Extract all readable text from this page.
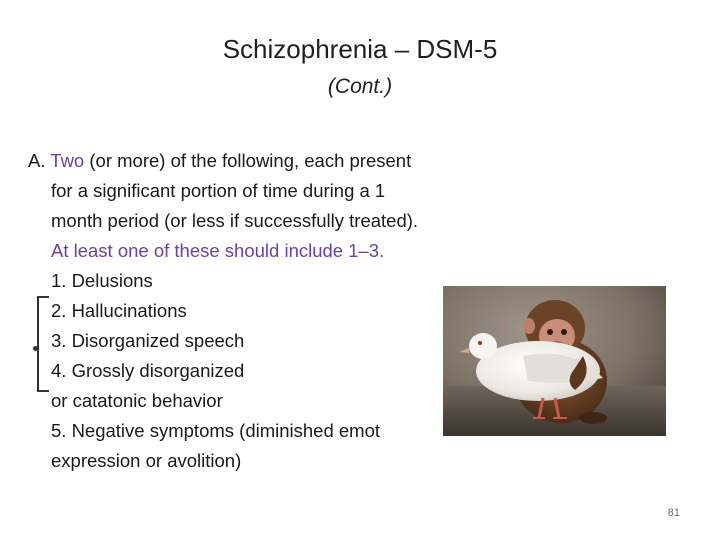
Schizophrenia – DSM-5
(Cont.)
A. Two (or more) of the following, each present
for a significant portion of time during a 1
month period (or less if successfully treated).
At least one of these should include 1–3.
1. Delusions
2. Hallucinations
3. Disorganized speech
4. Grossly disorganized
or catatonic behavior
5. Negative symptoms (diminished emot
expression or avolition)
81
